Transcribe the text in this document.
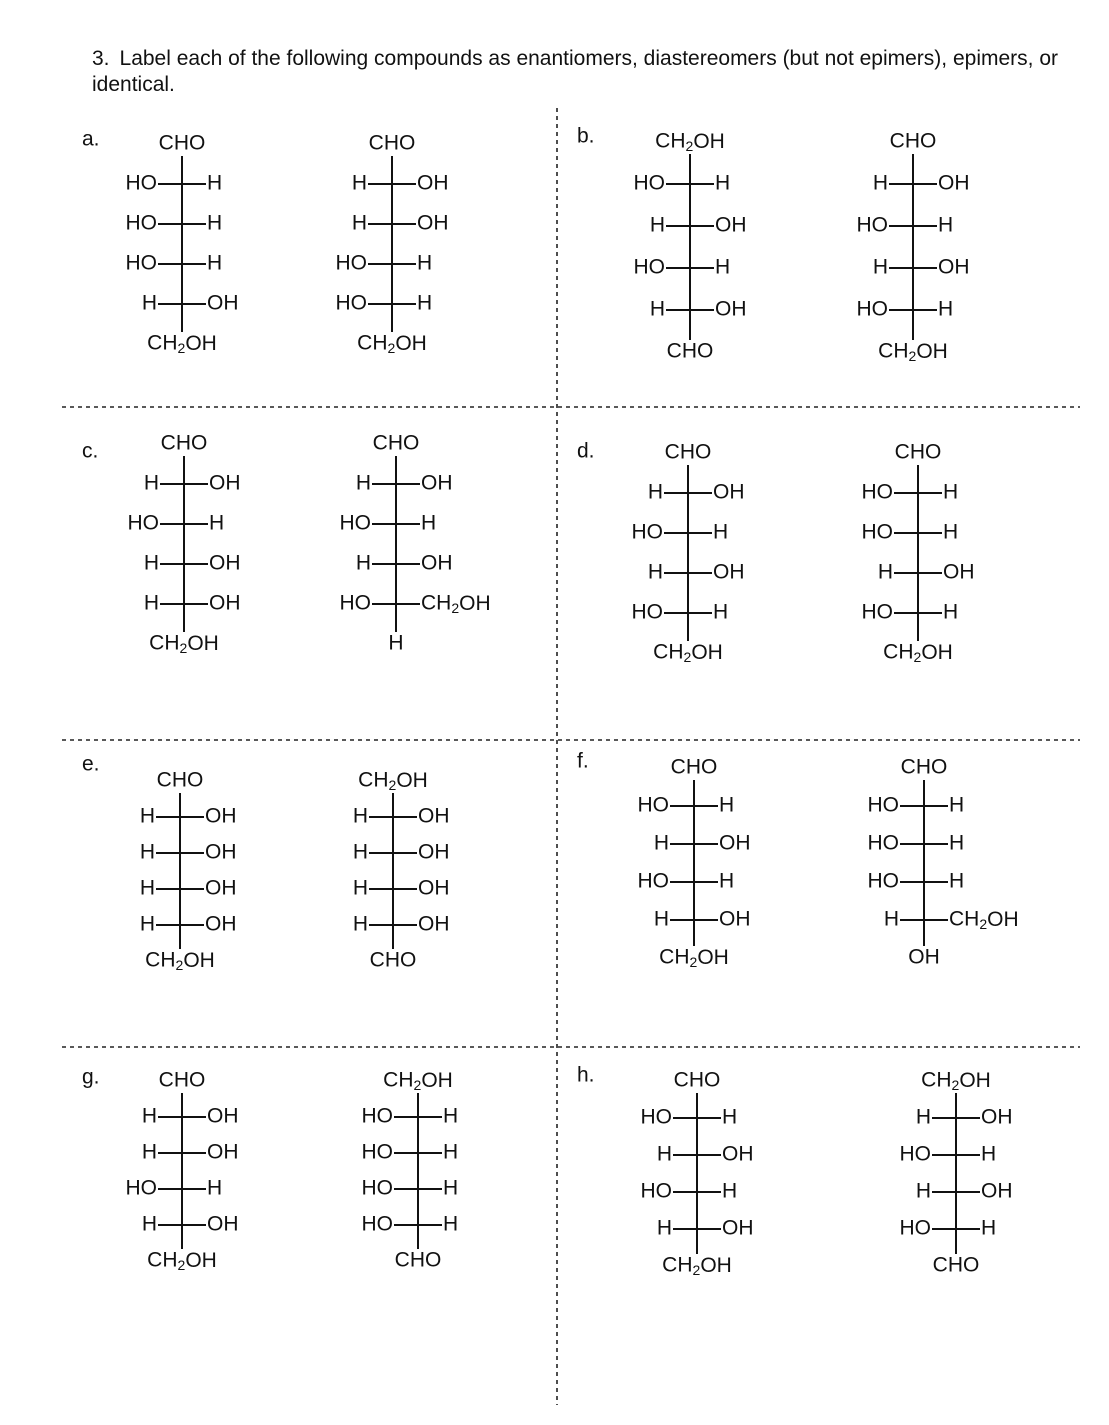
3. Label each of the following compounds as enantiomers, diastereomers (but not epimers), epimers, or identical.
a.	CHO
$CH_2OH$
HO H
HO H
HO H
H OH
CHO
$CH_2OH$
H OH
H OH
HO H
HO H
b.	$CH_2OH$
CHO
HO H
H OH
HO H
H OH
CHO
$CH_2OH$
H OH
HO H
H OH
HO H
c.	CHO
$CH_2OH$
H OH
HO H
H OH
H OH
CHO
H
H OH
HO H
H OH
HO $CH_2OH$
d.	CHO
$CH_2OH$
H OH
HO H
H OH
HO H
CHO
$CH_2OH$
HO H
HO H
H OH
HO H
e.
CHO
$CH_2OH$
H OH
H OH
H OH
H OH
$CH_2OH$
CHO
H OH
H OH
H OH
H OH
f.	CHO
$CH_2OH$
HO H
H OH
HO H
H OH
CHO
OH
HO H
HO H
HO H
H $CH_2OH$
g.	CHO
$CH_2OH$
H OH
H OH
HO H
H OH
$CH_2OH$
CHO
HO H
HO H
HO H
HO H
h.	CHO
$CH_2OH$
HO H
H OH
HO H
H OH
$CH_2OH$
CHO
H OH
HO H
H OH
HO H
